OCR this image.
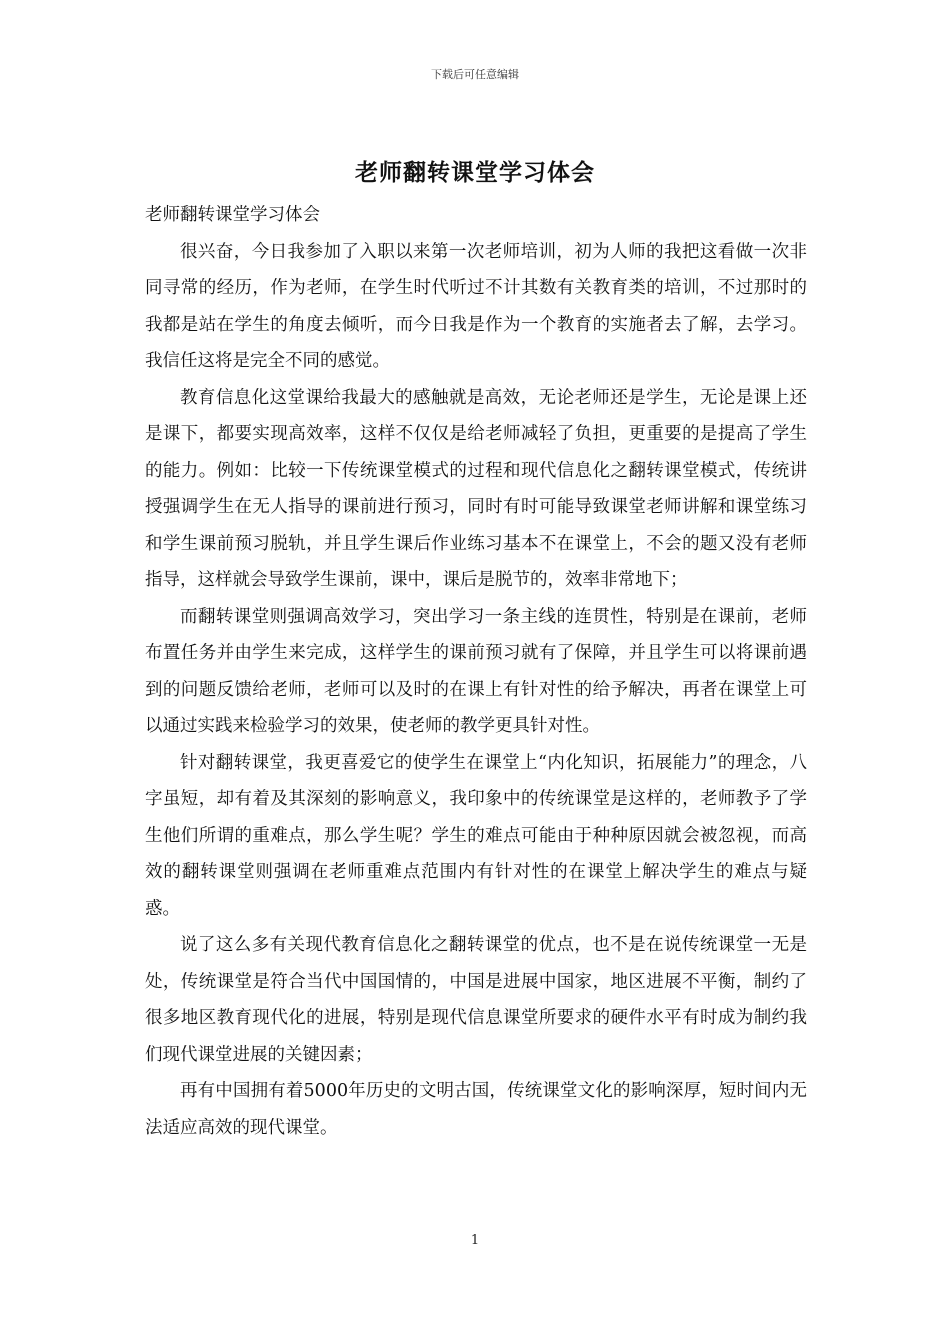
下载后可任意编辑
老师翻转课堂学习体会

老师翻转课堂学习体会

很兴奋，今日我参加了入职以来第一次老师培训，初为人师的我把这看做一次非同寻常的经历，作为老师，在学生时代听过不计其数有关教育类的培训，不过那时的我都是站在学生的角度去倾听，而今日我是作为一个教育的实施者去了解，去学习。我信任这将是完全不同的感觉。

教育信息化这堂课给我最大的感触就是高效，无论老师还是学生，无论是课上还是课下，都要实现高效率，这样不仅仅是给老师减轻了负担，更重要的是提高了学生的能力。例如：比较一下传统课堂模式的过程和现代信息化之翻转课堂模式，传统讲授强调学生在无人指导的课前进行预习，同时有时可能导致课堂老师讲解和课堂练习和学生课前预习脱轨，并且学生课后作业练习基本不在课堂上，不会的题又没有老师指导，这样就会导致学生课前，课中，课后是脱节的，效率非常地下；

而翻转课堂则强调高效学习，突出学习一条主线的连贯性，特别是在课前，老师布置任务并由学生来完成，这样学生的课前预习就有了保障，并且学生可以将课前遇到的问题反馈给老师，老师可以及时的在课上有针对性的给予解决，再者在课堂上可以通过实践来检验学习的效果，使老师的教学更具针对性。

针对翻转课堂，我更喜爱它的使学生在课堂上“内化知识，拓展能力”的理念，八字虽短，却有着及其深刻的影响意义，我印象中的传统课堂是这样的，老师教予了学生他们所谓的重难点，那么学生呢？学生的难点可能由于种种原因就会被忽视，而高效的翻转课堂则强调在老师重难点范围内有针对性的在课堂上解决学生的难点与疑惑。

说了这么多有关现代教育信息化之翻转课堂的优点，也不是在说传统课堂一无是处，传统课堂是符合当代中国国情的，中国是进展中国家，地区进展不平衡，制约了很多地区教育现代化的进展，特别是现代信息课堂所要求的硬件水平有时成为制约我们现代课堂进展的关键因素；

再有中国拥有着5000年历史的文明古国，传统课堂文化的影响深厚，短时间内无法适应高效的现代课堂。

1
